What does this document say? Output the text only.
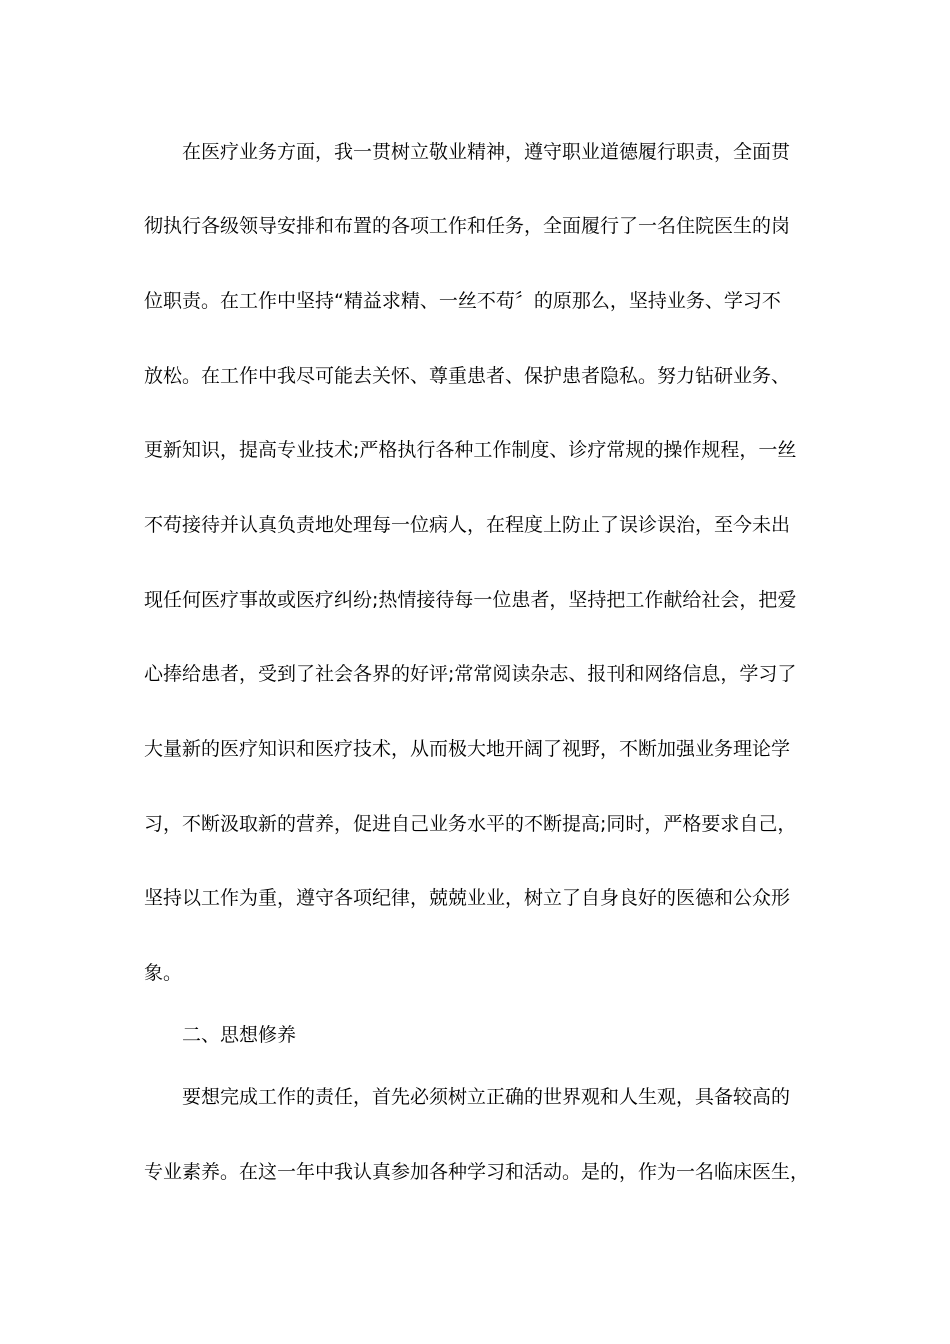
在医疗业务方面，我一贯树立敬业精神，遵守职业道德履行职责，全面贯
彻执行各级领导安排和布置的各项工作和任务，全面履行了一名住院医生的岗
位职责。在工作中坚持“精益求精、一丝不苟〞的原那么，坚持业务、学习不
放松。在工作中我尽可能去关怀、尊重患者、保护患者隐私。努力钻研业务、
更新知识，提高专业技术;严格执行各种工作制度、诊疗常规的操作规程，一丝
不苟接待并认真负责地处理每一位病人，在程度上防止了误诊误治，至今未出
现任何医疗事故或医疗纠纷;热情接待每一位患者，坚持把工作献给社会，把爱
心捧给患者，受到了社会各界的好评;常常阅读杂志、报刊和网络信息，学习了
大量新的医疗知识和医疗技术，从而极大地开阔了视野，不断加强业务理论学
习，不断汲取新的营养，促进自己业务水平的不断提高;同时，严格要求自己，
坚持以工作为重，遵守各项纪律，兢兢业业，树立了自身良好的医德和公众形
象。
二、思想修养
要想完成工作的责任，首先必须树立正确的世界观和人生观，具备较高的
专业素养。在这一年中我认真参加各种学习和活动。是的，作为一名临床医生，
